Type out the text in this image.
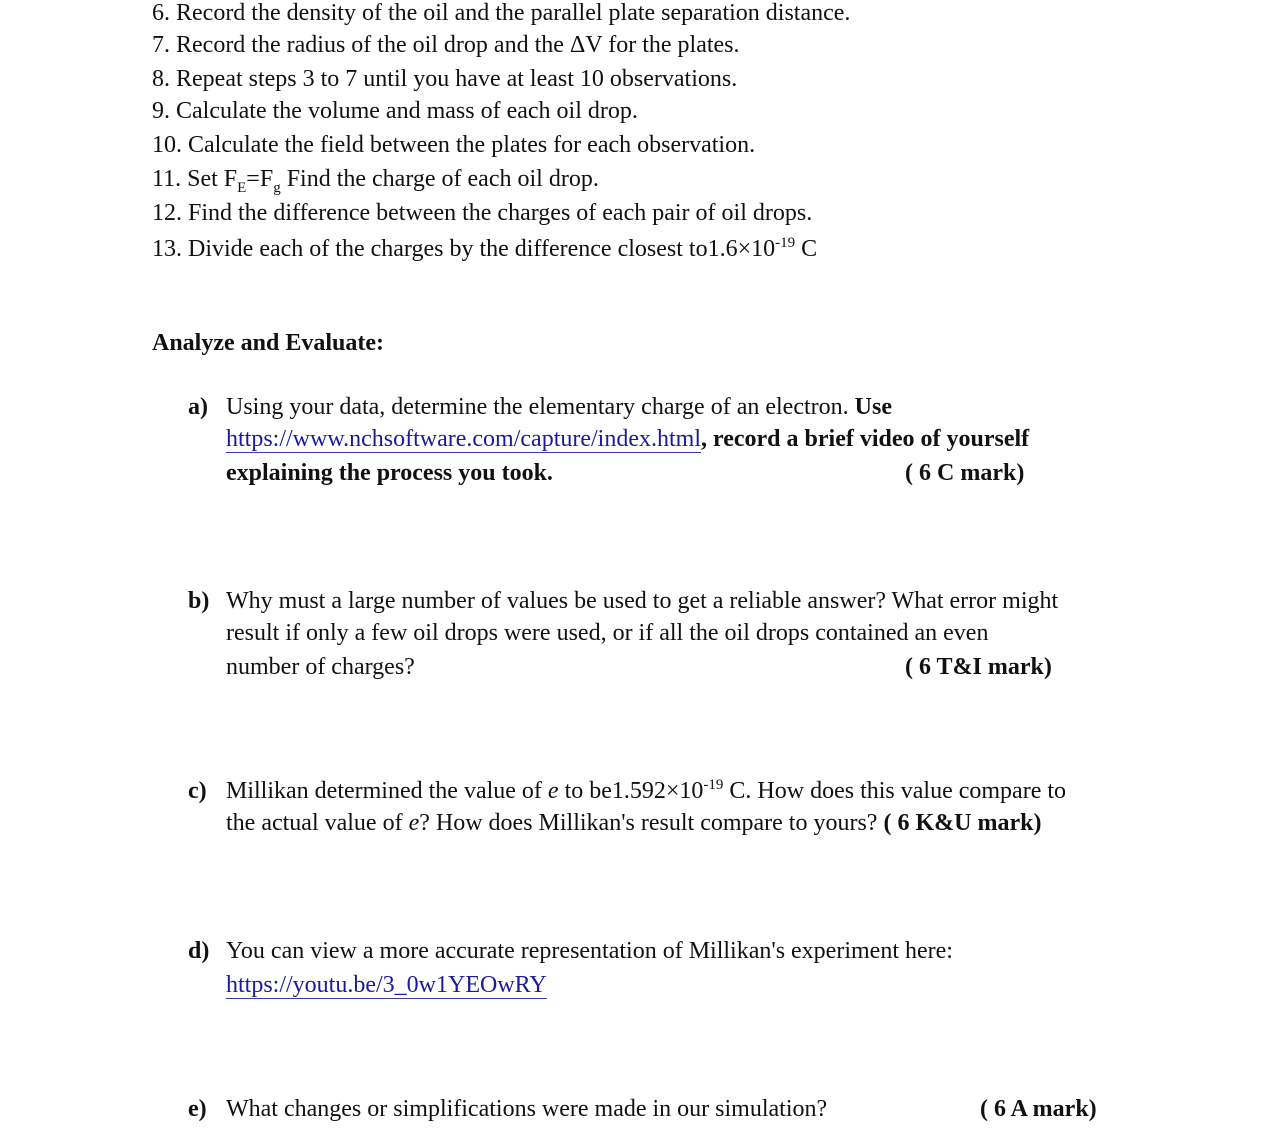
6. Record the density of the oil and the parallel plate separation distance.
7. Record the radius of the oil drop and the ΔV for the plates.
8. Repeat steps 3 to 7 until you have at least 10 observations.
9. Calculate the volume and mass of each oil drop.
10. Calculate the field between the plates for each observation.
11. Set $F_E=F_g$ Find the charge of each oil drop.
12. Find the difference between the charges of each pair of oil drops.
13. Divide each of the charges by the difference closest $to1.6\times 10^{-19}$ C
Analyze and Evaluate:
a) Using your data, determine the elementary charge of an electron. Use
https://www.nchsoftware.com/capture/index.html, record a brief video of yourself
explaining the process you took.	( 6 C mark)
b) Why must a large number of values be used to get a reliable answer? What error might
result if only a few oil drops were used, or if all the oil drops contained an even
number of charges?	( 6 T&I mark)
c) Millikan determined the value of e to $be1.592\times 10^{-19}$ C. How does this value compare to
the actual value of e? How does Millikan's result compare to yours? ( 6 K&U mark)
d) You can view a more accurate representation of Millikan's experiment here:
https://youtu.be/3_0w1YEOwRY
e) What changes or simplifications were made in our simulation?	( 6 A mark)
